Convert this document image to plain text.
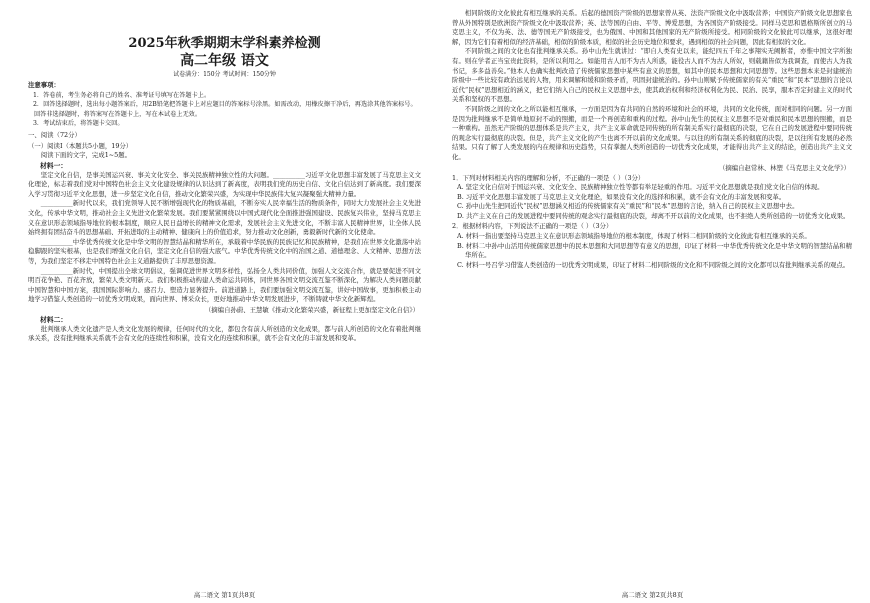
2025年秋季期期末学科素养检测
高二年级 语文
试卷满分：150分 考试时间：150分钟
注意事项：
1．答卷前，考生务必将自己的姓名、准考证号填写在答题卡上。
2．回答选择题时，选出每小题答案后，用2B铅笔把答题卡上对应题目的答案标号涂黑。如需改动，用橡皮擦干净后，再选涂其他答案标号。回答非选择题时，将答案写在答题卡上，写在本试卷上无效。
3．考试结束后，将答题卡交回。
一、阅读（72分）
（一）阅读Ⅰ（本题共5小题，19分）
阅读下面的文字，完成1~5题。
材料一：
坚定文化自信，是事关国运兴衰、事关文化安全、事关民族精神独立性的大问题。__________习近平文化思想丰富发展了马克思主义文化理论，标志着我们党对中国特色社会主义文化建设规律的认识达到了新高度，表明我们党的历史自信、文化自信达到了新高度。我们要深入学习贯彻习近平文化思想，进一步坚定文化自信，推动文化繁荣兴盛，为实现中华民族伟大复兴凝聚强大精神力量。
__________新时代以来，我们党领导人民不断增强现代化的物质基础，不断夯实人民幸福生活的物质条件，同时大力发展社会主义先进文化，传承中华文明，推动社会主义先进文化繁荣发展。我们要紧紧围绕以中国式现代化全面推进强国建设、民族复兴伟业，坚持马克思主义在意识形态领域指导地位的根本制度，顺应人民日益增长的精神文化需求，发展社会主义先进文化，不断丰富人民精神世界，让全体人民始终拥有团结奋斗的思想基础、开拓进取的主动精神、健康向上的价值追求，努力推动文化创新，勇毅新时代新的文化使命。
__________中华优秀传统文化是中华文明的智慧结晶和精华所在，承载着中华民族的民族记忆和民族精神，是我们在世界文化激荡中站稳脚跟的坚实根基，也是我们增强文化自信，坚定文化自信的强大底气。中华优秀传统文化中的治国之道、道德理念、人文精神、思想方法等，为我们坚定不移走中国特色社会主义道路提供了丰厚思想资源。
__________新时代，中国提出全球文明倡议，强调促进世界文明多样性，弘扬全人类共同价值，加强人文交流合作，就是要促进不同文明百花争艳、百花齐放，繁荣人类文明新天。我们积极推动构建人类命运共同体，同世界各国文明交流互鉴不断深化，为解决人类问题贡献中国智慧和中国方案，我国国际影响力、感召力、塑造力显著提升。前进道路上，我们要加强文明交流互鉴，讲好中国故事，更加积极主动地学习借鉴人类创造的一切优秀文明成果，面向世界、博采众长，更好地推动中华文明发展进步，不断铸就中华文化新辉煌。
（摘编自孙蔚、王慧敏《推动文化繁荣兴盛，新征程上更加坚定文化自信》）
材料二：
批判继承人类文化遗产是人类文化发展的规律，任何时代的文化，都包含有前人所创造的文化成果，都与前人所创造的文化有着批判继承关系，没有批判继承关系就不会有文化的连续性和积累，没有文化的连续和积累，就不会有文化的丰富发展和变革。
高二语文 第1页共8页
相同阶级的文化彼此有相互继承的关系。后起的德国资产阶级的思想家曾从英、法资产阶级文化中汲取营养；中国资产阶级文化思想家也曾从外国特别是欧洲资产阶级文化中汲取营养；英、法等国的自由、平等、博爱思想，为各国资产阶级接受。同样马克思和恩格斯所创立的马克思主义，不仅为英、法、德等国无产阶级接受，也为俄国、中国和其他国家的无产阶级所接受。相同阶级的文化彼此可以继承，这很好理解，因为它们有着相似的经济基础，相似的阶级本质，相似的社会历史地位和要求，遇到相似的社会问题，因此有相似的文化。
不同阶级之间的文化也有批判继承关系。孙中山先生就讲过：“即自人类有史以来，能纪四五千年之事翔实无阙断者，亦惟中国文字所独有。则在学者正当宝贵此资料，是所以利用之。如能用古人而不为古人所惑，能役古人而不为古人所奴，则载籍皆似为我调查，而使古人为我书记，多多益善矣。”他本人也确实批判改造了传统儒家思想中某些有意义的思想，如其中的民本思想和大同思想等。这些思想本来是封建统治阶级中一些比较有政治远见的人物，用来调解和缓和阶级矛盾，巩固封建统治的。孙中山则赋予传统儒家的有关“重民”和“民本”思想的言论以近代“民权”思想相近的涵义，把它们纳入自己的民权主义思想中去，使其政治权利和经济权利化为民、民治、民享，服本否定封建主义的时代关系和坚权的不思想。
不同阶级之间的文化之所以能相互继承，一方面是因为有共同的自然的环境和社会的环境，共同的文化传统，面对相同的问题。另一方面是因为批判继承不是简单地原封不动的照搬，而是一个再创造和重构的过程。孙中山先生的民权主义思想不是对重民和民本思想的照搬，而是一种重构。虽然无产阶级的思想体系是共产主义，共产主义革命就是同传统的所有制关系实行最彻底的决裂，它在自己的发展进程中要同传统的观念实行最彻底的决裂。但是，共产主义文化的产生也离不开以前的文化成果。与以往的所有制关系的彻底的决裂，是以往所有发展的必然结果。只有了解了人类发展的内在规律和历史趋势，只有掌握人类所创造的一切优秀文化成果，才能得出共产主义的结论，创造出共产主义文化。
（摘编自赵常林、林塑《马克思主义文化学》）
1．下列对材料相关内容的理解和分析，不正确的一项是（ ）（3分）
A. 坚定文化自信对于国运兴衰、文化安全、民族精神独立性等都有举足轻重的作用。习近平文化思想就是我们党文化自信的体现。
B. 习近平文化思想丰富发展了马克思主义文化理论，如果没有文化的选择和积累，就不会有文化的丰富发展和变革。
C. 孙中山先生把同近代“民权”思想涵义相近的传统儒家有关“重民”和“民本”思想的言论，纳入自己的民权主义思想中去。
D. 共产主义在自己的发展进程中要同传统的观念实行最彻底的决裂，却离不开以前的文化成果，也不拒绝人类所创造的一切优秀文化成果。
2．根据材料内容，下列说法不正确的一项是（ ）（3分）
A. 材料一指出要坚持马克思主义在意识形态领域指导地位的根本制度，体现了材料二相同阶级的文化彼此有相互继承的关系。
B. 材料二中孙中山活用传统儒家思想中的民本思想和大同思想等有意义的思想，印证了材料一中华优秀传统文化是中华文明的智慧结晶和精华所在。
C. 材料一号召学习借鉴人类创造的一切优秀文明成果，印证了材料二相同阶级的文化和不同阶级之间的文化都可以有批判继承关系的观点。
高二语文 第2页共8页
